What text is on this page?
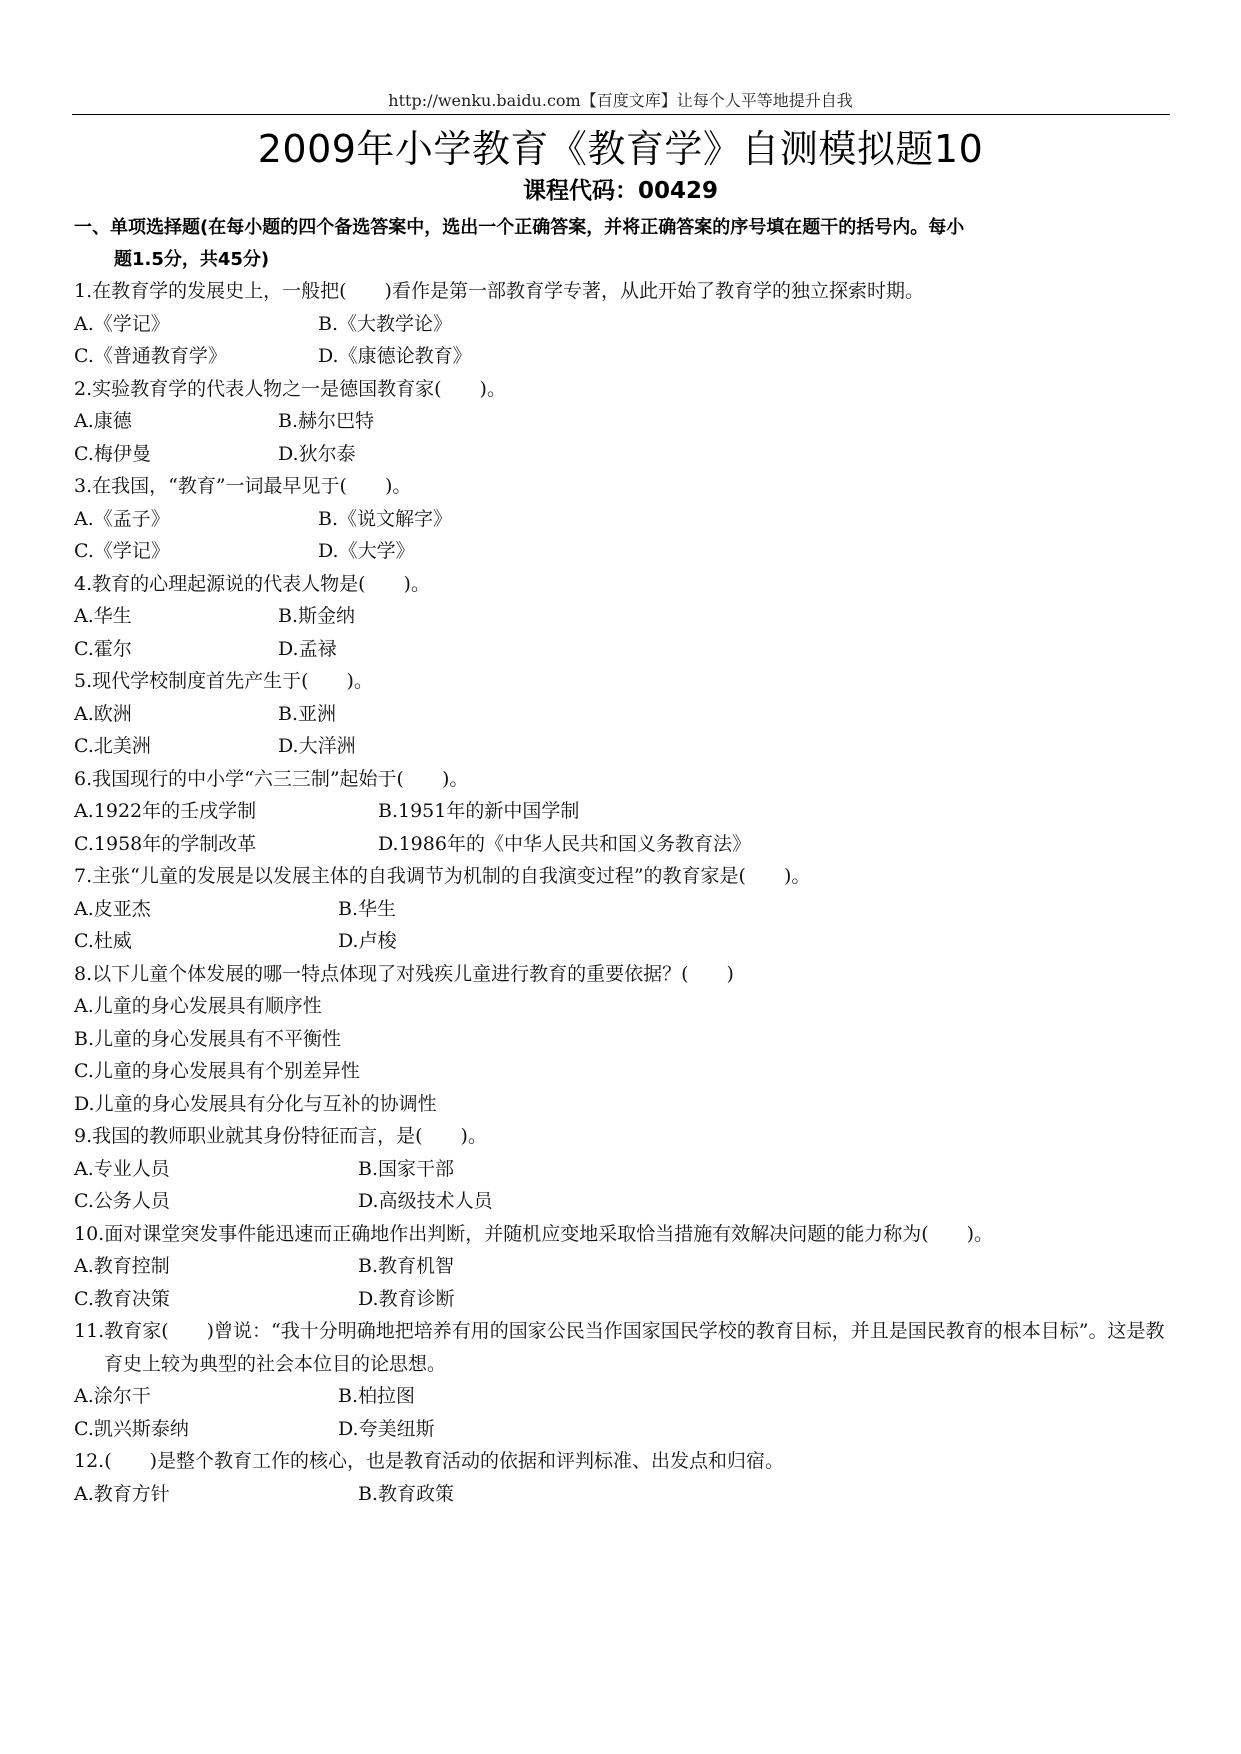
http://wenku.baidu.com【百度文库】让每个人平等地提升自我
2009年小学教育《教育学》自测模拟题10
课程代码：00429
一、单项选择题(在每小题的四个备选答案中，选出一个正确答案，并将正确答案的序号填在题干的括号内。每小
题1.5分，共45分)
1.在教育学的发展史上，一般把(　　)看作是第一部教育学专著，从此开始了教育学的独立探索时期。
A.《学记》	B.《大教学论》
C.《普通教育学》	D.《康德论教育》
2.实验教育学的代表人物之一是德国教育家(　　)。
A.康德	B.赫尔巴特
C.梅伊曼	D.狄尔泰
3.在我国，“教育”一词最早见于(　　)。
A.《孟子》	B.《说文解字》
C.《学记》	D.《大学》
4.教育的心理起源说的代表人物是(　　)。
A.华生	B.斯金纳
C.霍尔	D.孟禄
5.现代学校制度首先产生于(　　)。
A.欧洲	B.亚洲
C.北美洲	D.大洋洲
6.我国现行的中小学“六三三制”起始于(　　)。
A.1922年的壬戌学制	B.1951年的新中国学制
C.1958年的学制改革	D.1986年的《中华人民共和国义务教育法》
7.主张“儿童的发展是以发展主体的自我调节为机制的自我演变过程”的教育家是(　　)。
A.皮亚杰	B.华生
C.杜威	D.卢梭
8.以下儿童个体发展的哪一特点体现了对残疾儿童进行教育的重要依据？(　　)
A.儿童的身心发展具有顺序性
B.儿童的身心发展具有不平衡性
C.儿童的身心发展具有个别差异性
D.儿童的身心发展具有分化与互补的协调性
9.我国的教师职业就其身份特征而言，是(　　)。
A.专业人员	B.国家干部
C.公务人员	D.高级技术人员
10.面对课堂突发事件能迅速而正确地作出判断，并随机应变地采取恰当措施有效解决问题的能力称为(　　)。
A.教育控制	B.教育机智
C.教育决策	D.教育诊断
11.教育家(　　)曾说：“我十分明确地把培养有用的国家公民当作国家国民学校的教育目标，并且是国民教育的根本目标”。这是教育史上较为典型的社会本位目的论思想。
A.涂尔干	B.柏拉图
C.凯兴斯泰纳	D.夸美纽斯
12.(　　)是整个教育工作的核心，也是教育活动的依据和评判标准、出发点和归宿。
A.教育方针	B.教育政策
